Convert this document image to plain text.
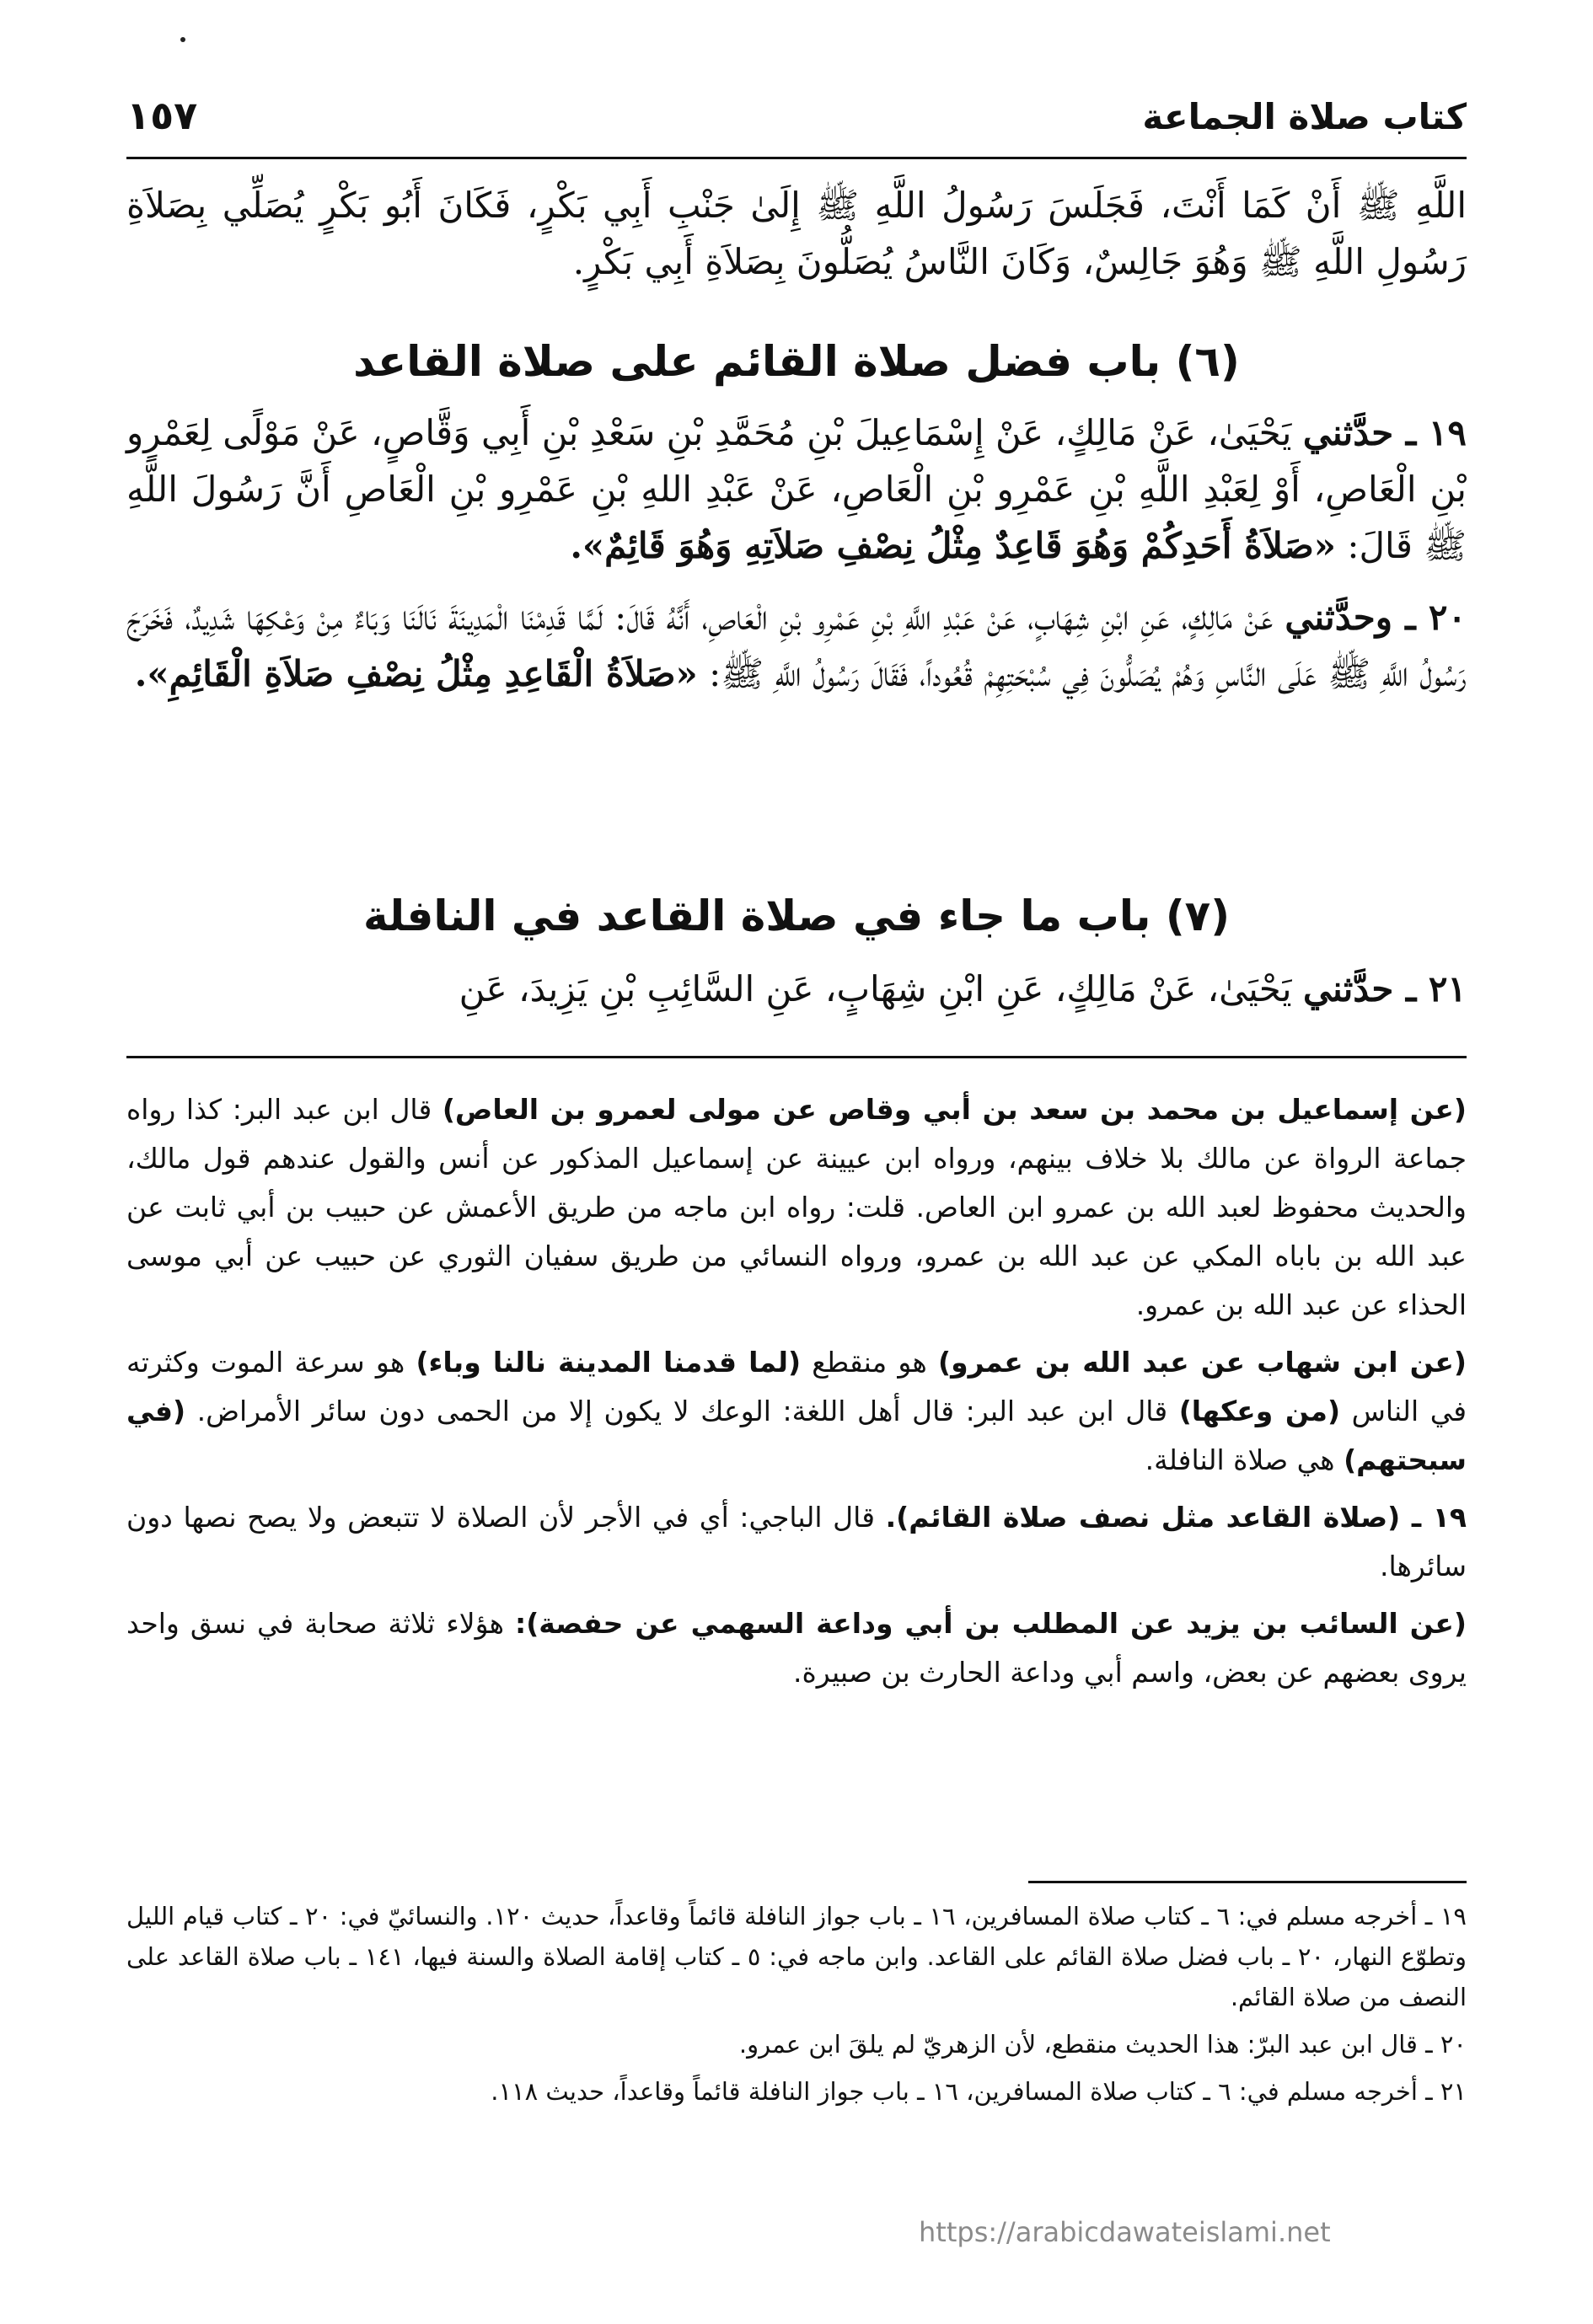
كتاب صلاة الجماعة
١٥٧

اللَّهِ ﷺ أَنْ كَمَا أَنْتَ، فَجَلَسَ رَسُولُ اللَّهِ ﷺ إِلَىٰ جَنْبِ أَبِي بَكْرٍ، فَكَانَ أَبُو بَكْرٍ يُصَلِّي بِصَلاَةِ رَسُولِ اللَّهِ ﷺ وَهُوَ جَالِسٌ، وَكَانَ النَّاسُ يُصَلُّونَ بِصَلاَةِ أَبِي بَكْرٍ.

(٦) باب فضل صلاة القائم على صلاة القاعد

١٩ ـ حدَّثني يَحْيَىٰ، عَنْ مَالِكٍ، عَنْ إِسْمَاعِيلَ بْنِ مُحَمَّدِ بْنِ سَعْدِ بْنِ أَبِي وَقَّاصٍ، عَنْ مَوْلًى لِعَمْرِو بْنِ الْعَاصِ، أَوْ لِعَبْدِ اللَّهِ بْنِ عَمْرِو بْنِ الْعَاصِ، عَنْ عَبْدِ اللهِ بْنِ عَمْرِو بْنِ الْعَاصِ أَنَّ رَسُولَ اللَّهِ ﷺ قَالَ: «صَلاَةُ أَحَدِكُمْ وَهُوَ قَاعِدٌ مِثْلُ نِصْفِ صَلاَتِهِ وَهُوَ قَائِمٌ».

٢٠ ـ وحدَّثني عَنْ مَالِكٍ، عَنِ ابْنِ شِهَابٍ، عَنْ عَبْدِ اللَّهِ بْنِ عَمْرِو بْنِ الْعَاصِ، أَنَّهُ قَالَ: لَمَّا قَدِمْنَا الْمَدِينَةَ نَالَنَا وَبَاءٌ مِنْ وَعْكِهَا شَدِيدٌ، فَخَرَجَ رَسُولُ اللَّهِ ﷺ عَلَى النَّاسِ وَهُمْ يُصَلُّونَ فِي سُبْحَتِهِمْ قُعُوداً، فَقَالَ رَسُولُ اللَّهِ ﷺ: «صَلاَةُ الْقَاعِدِ مِثْلُ نِصْفِ صَلاَةِ الْقَائِمِ».

(٧) باب ما جاء في صلاة القاعد في النافلة

٢١ ـ حدَّثني يَحْيَىٰ، عَنْ مَالِكٍ، عَنِ ابْنِ شِهَابٍ، عَنِ السَّائِبِ بْنِ يَزِيدَ، عَنِ

(عن إسماعيل بن محمد بن سعد بن أبي وقاص عن مولى لعمرو بن العاص) قال ابن عبد البر: كذا رواه جماعة الرواة عن مالك بلا خلاف بينهم، ورواه ابن عيينة عن إسماعيل المذكور عن أنس والقول عندهم قول مالك، والحديث محفوظ لعبد الله بن عمرو ابن العاص. قلت: رواه ابن ماجه من طريق الأعمش عن حبيب بن أبي ثابت عن عبد الله بن باباه المكي عن عبد الله بن عمرو، ورواه النسائي من طريق سفيان الثوري عن حبيب عن أبي موسى الحذاء عن عبد الله بن عمرو.

(عن ابن شهاب عن عبد الله بن عمرو) هو منقطع (لما قدمنا المدينة نالنا وباء) هو سرعة الموت وكثرته في الناس (من وعكها) قال ابن عبد البر: قال أهل اللغة: الوعك لا يكون إلا من الحمى دون سائر الأمراض. (في سبحتهم) هي صلاة النافلة.

١٩ ـ (صلاة القاعد مثل نصف صلاة القائم). قال الباجي: أي في الأجر لأن الصلاة لا تتبعض ولا يصح نصها دون سائرها.

(عن السائب بن يزيد عن المطلب بن أبي وداعة السهمي عن حفصة): هؤلاء ثلاثة صحابة في نسق واحد يروى بعضهم عن بعض، واسم أبي وداعة الحارث بن صبيرة.

١٩ ـ أخرجه مسلم في: ٦ ـ كتاب صلاة المسافرين، ١٦ ـ باب جواز النافلة قائماً وقاعداً، حديث ١٢٠. والنسائيّ في: ٢٠ ـ كتاب قيام الليل وتطوّع النهار، ٢٠ ـ باب فضل صلاة القائم على القاعد. وابن ماجه في: ٥ ـ كتاب إقامة الصلاة والسنة فيها، ١٤١ ـ باب صلاة القاعد على النصف من صلاة القائم.

٢٠ ـ قال ابن عبد البرّ: هذا الحديث منقطع، لأن الزهريّ لم يلقَ ابن عمرو.

٢١ ـ أخرجه مسلم في: ٦ ـ كتاب صلاة المسافرين، ١٦ ـ باب جواز النافلة قائماً وقاعداً، حديث ١١٨.

https://arabicdawateislami.net
